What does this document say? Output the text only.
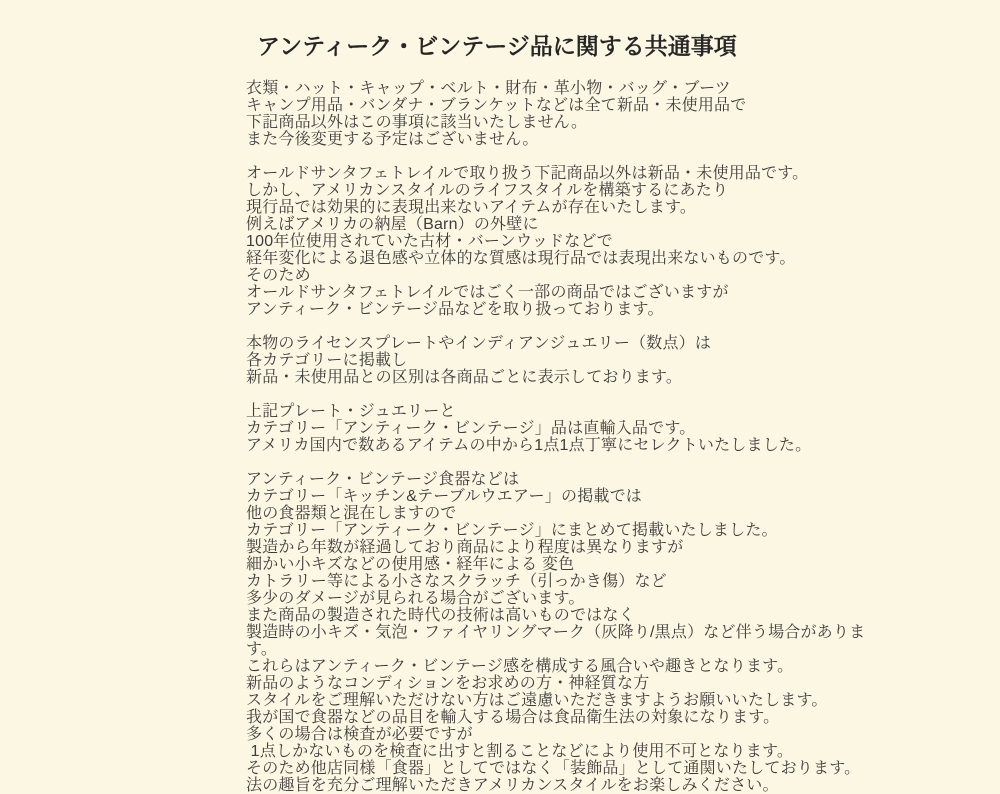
アンティーク・ビンテージ品に関する共通事項
衣類・ハット・キャップ・ベルト・財布・革小物・バッグ・ブーツ
キャンプ用品・バンダナ・ブランケットなどは全て新品・未使用品で
下記商品以外はこの事項に該当いたしません。
また今後変更する予定はございません。
オールドサンタフェトレイルで取り扱う下記商品以外は新品・未使用品です。
しかし、アメリカンスタイルのライフスタイルを構築するにあたり
現行品では効果的に表現出来ないアイテムが存在いたします。
例えばアメリカの納屋（Barn）の外壁に
100年位使用されていた古材・バーンウッドなどで
経年変化による退色感や立体的な質感は現行品では表現出来ないものです。
そのため
オールドサンタフェトレイルではごく一部の商品ではございますが
アンティーク・ビンテージ品などを取り扱っております。
本物のライセンスプレートやインディアンジュエリー（数点）は
各カテゴリーに掲載し
新品・未使用品との区別は各商品ごとに表示しております。
上記プレート・ジュエリーと
カテゴリー「アンティーク・ビンテージ」品は直輸入品です。
アメリカ国内で数あるアイテムの中から1点1点丁寧にセレクトいたしました。
アンティーク・ビンテージ食器などは
カテゴリー「キッチン&テーブルウエアー」の掲載では
他の食器類と混在しますので
カテゴリー「アンティーク・ビンテージ」にまとめて掲載いたしました。
製造から年数が経過しており商品により程度は異なりますが
細かい小キズなどの使用感・経年による 変色
カトラリー等による小さなスクラッチ（引っかき傷）など
多少のダメージが見られる場合がございます。
また商品の製造された時代の技術は高いものではなく
製造時の小キズ・気泡・ファイヤリングマーク（灰降り/黒点）など伴う場合があります。
これらはアンティーク・ビンテージ感を構成する風合いや趣きとなります。
新品のようなコンディションをお求めの方・神経質な方
スタイルをご理解いただけない方はご遠慮いただきますようお願いいたします。
我が国で食器などの品目を輸入する場合は食品衛生法の対象になります。
多くの場合は検査が必要ですが
1点しかないものを検査に出すと割ることなどにより使用不可となります。
そのため他店同様「食器」としてではなく「装飾品」として通関いたしております。
法の趣旨を充分ご理解いただきアメリカンスタイルをお楽しみください。
